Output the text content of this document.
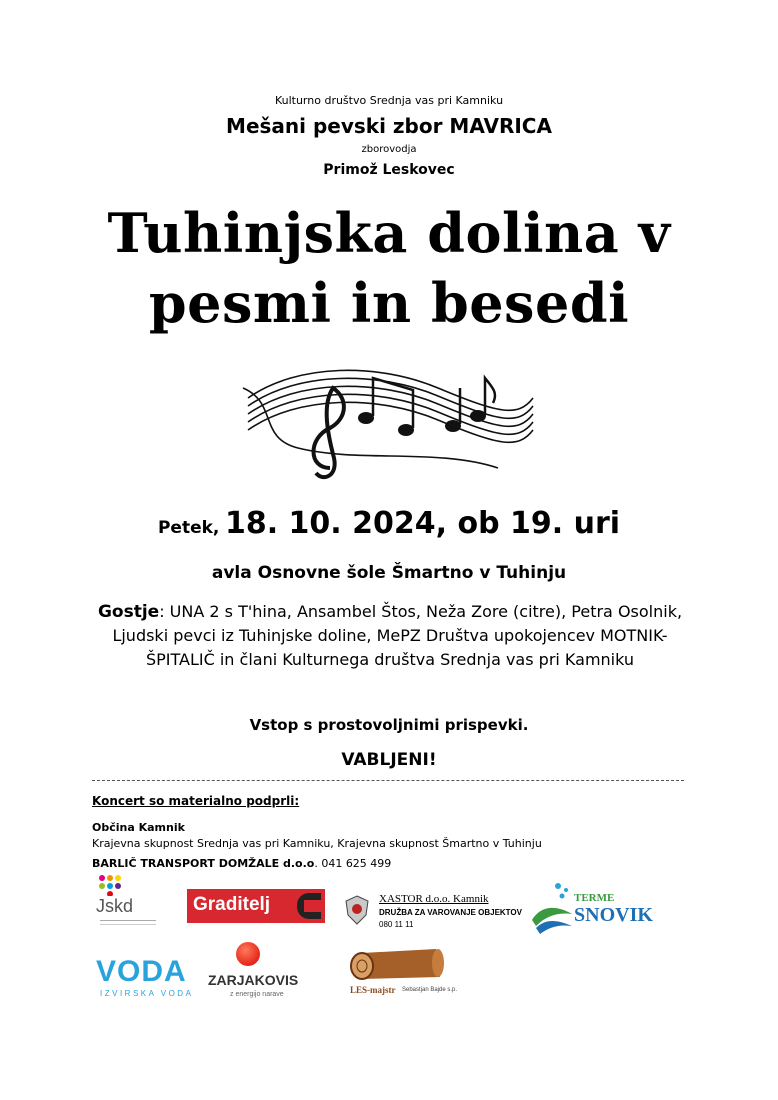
Kulturno društvo Srednja vas pri Kamniku
Mešani pevski zbor MAVRICA
zborovodja
Primož Leskovec
Tuhinjska dolina v
pesmi in besedi
Petek, 18. 10. 2024, ob 19. uri
avla Osnovne šole Šmartno v Tuhinju
Gostje: UNA 2 s T'hina, Ansambel Štos, Neža Zore (citre), Petra Osolnik, Ljudski pevci iz Tuhinjske doline, MePZ Društva upokojencev MOTNIK-ŠPITALIČ in člani Kulturnega društva Srednja vas pri Kamniku
Vstop s prostovoljnimi prispevki.
VABLJENI!
Koncert so materialno podprli:
Občina Kamnik
Krajevna skupnost Srednja vas pri Kamniku, Krajevna skupnost Šmartno v Tuhinju
BARLIČ TRANSPORT DOMŽALE d.o.o. 041 625 499
Jskd	Graditelj	XASTOR d.o.o. Kamnik
DRUŽBA ZA VAROVANJE OBJEKTOV
080 11 11
TERME
SNOVIK
VODA
IZVIRSKA VODA
ZARJAKOVIS
z energijo narave	LES-majstr Sebastjan Bajde s.p.
